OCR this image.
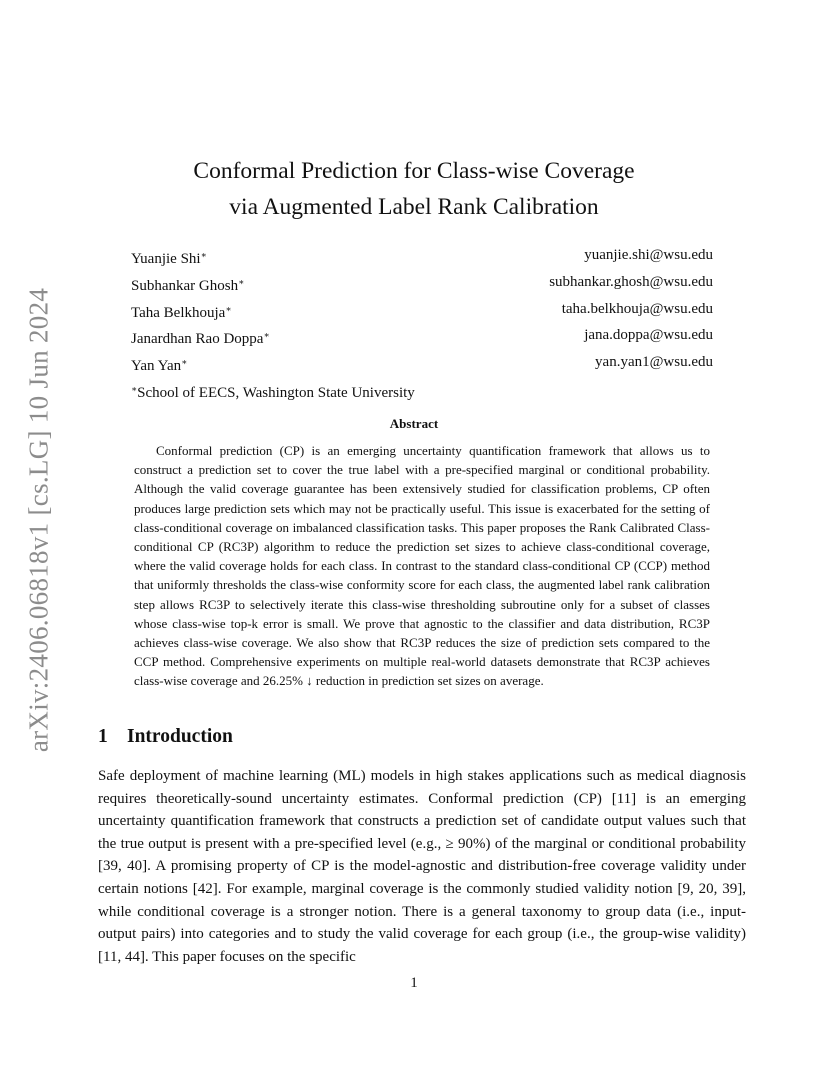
arXiv:2406.06818v1 [cs.LG] 10 Jun 2024
Conformal Prediction for Class-wise Coverage
via Augmented Label Rank Calibration
Yuanjie Shi∗	yuanjie.shi@wsu.edu
Subhankar Ghosh∗	subhankar.ghosh@wsu.edu
Taha Belkhouja∗	taha.belkhouja@wsu.edu
Janardhan Rao Doppa∗	jana.doppa@wsu.edu
Yan Yan∗	yan.yan1@wsu.edu
∗School of EECS, Washington State University
Abstract

Conformal prediction (CP) is an emerging uncertainty quantification framework that allows us to construct a prediction set to cover the true label with a pre-specified marginal or conditional probability. Although the valid coverage guarantee has been extensively studied for classification problems, CP often produces large prediction sets which may not be practically useful. This issue is exacerbated for the setting of class-conditional coverage on imbalanced classification tasks. This paper proposes the Rank Calibrated Class-conditional CP (RC3P) algorithm to reduce the prediction set sizes to achieve class-conditional coverage, where the valid coverage holds for each class. In contrast to the standard class-conditional CP (CCP) method that uniformly thresholds the class-wise conformity score for each class, the augmented label rank calibration step allows RC3P to selectively iterate this class-wise thresholding subroutine only for a subset of classes whose class-wise top-k error is small. We prove that agnostic to the classifier and data distribution, RC3P achieves class-wise coverage. We also show that RC3P reduces the size of prediction sets compared to the CCP method. Comprehensive experiments on multiple real-world datasets demonstrate that RC3P achieves class-wise coverage and 26.25% ↓ reduction in prediction set sizes on average.

1 Introduction

Safe deployment of machine learning (ML) models in high stakes applications such as medical diagnosis requires theoretically-sound uncertainty estimates. Conformal prediction (CP) [11] is an emerging uncertainty quantification framework that constructs a prediction set of candidate output values such that the true output is present with a pre-specified level (e.g., ≥ 90%) of the marginal or conditional probability [39, 40]. A promising property of CP is the model-agnostic and distribution-free coverage validity under certain notions [42]. For example, marginal coverage is the commonly studied validity notion [9, 20, 39], while conditional coverage is a stronger notion. There is a general taxonomy to group data (i.e., input-output pairs) into categories and to study the valid coverage for each group (i.e., the group-wise validity) [11, 44]. This paper focuses on the specific

1
